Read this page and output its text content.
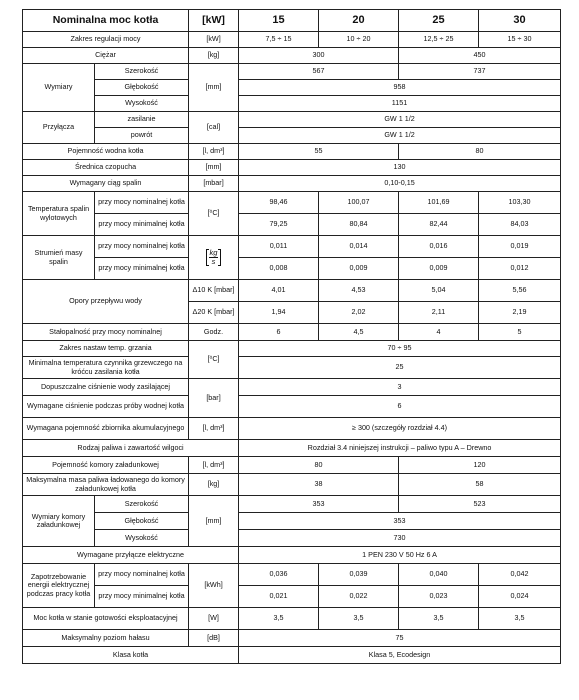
Nominalna moc kotła		[kW]	15	20	25	30
Zakres regulacji mocy		[kW]	7,5 ÷ 15	10 ÷ 20	12,5 ÷ 25	15 ÷ 30
Ciężar		[kg]	300		450	
Wymiary	Szerokość	[mm]	567		737	
	Głębokość		958			
	Wysokość		1151			
Przyłącza	zasilanie	[cal]	GW 1 1/2			
	powrót		GW 1 1/2			
Pojemność wodna kotła		[l, dm³]	55		80	
Średnica czopucha		[mm]	130			
Wymagany ciąg spalin		[mbar]	0,10-0,15			
Temperatura spalin wylotowych	przy mocy nominalnej kotła	[⁰C]	98,46	100,07	101,69	103,30
	przy mocy minimalnej kotła		79,25	80,84	82,44	84,03
Strumień masy spalin	przy mocy nominalnej kotła	$\frac{kg}{s}$	0,011	0,014	0,016	0,019
	przy mocy minimalnej kotła		0,008	0,009	0,009	0,012
Opory przepływu wody		Δ10 K [mbar]	4,01	4,53	5,04	5,56
		Δ20 K [mbar]	1,94	2,02	2,11	2,19
Stałopalność przy mocy nominalnej		Godz.	6	4,5	4	5
Zakres nastaw temp. grzania		[⁰C]	70 ÷ 95			
Minimalna temperatura czynnika grzewczego na króćcu zasilania kotła			25			
Dopuszczalne ciśnienie wody zasilającej		[bar]	3			
Wymagane ciśnienie podczas próby wodnej kotła			6			
Wymagana pojemność zbiornika akumulacyjnego		[l, dm³]	≥ 300 (szczegóły rozdział 4.4)			
Rodzaj paliwa i zawartość wilgoci			Rozdział 3.4 niniejszej instrukcji – paliwo typu A – Drewno			
Pojemność komory załadunkowej		[l, dm³]	80		120	
Maksymalna masa paliwa ładowanego do komory załadunkowej kotła		[kg]	38		58	
Wymiary komory załadunkowej	Szerokość	[mm]	353		523	
	Głębokość		353			
	Wysokość		730			
Wymagane przyłącze elektryczne			1 PEN 230 V 50 Hz 6 A			
Zapotrzebowanie energii elektrycznej podczas pracy kotła	przy mocy nominalnej kotła	[kWh]	0,036	0,039	0,040	0,042
	przy mocy minimalnej kotła		0,021	0,022	0,023	0,024
Moc kotła w stanie gotowości eksploatacyjnej		[W]	3,5	3,5	3,5	3,5
Maksymalny poziom hałasu		[dB]	75			
Klasa kotła			Klasa 5, Ecodesign			
